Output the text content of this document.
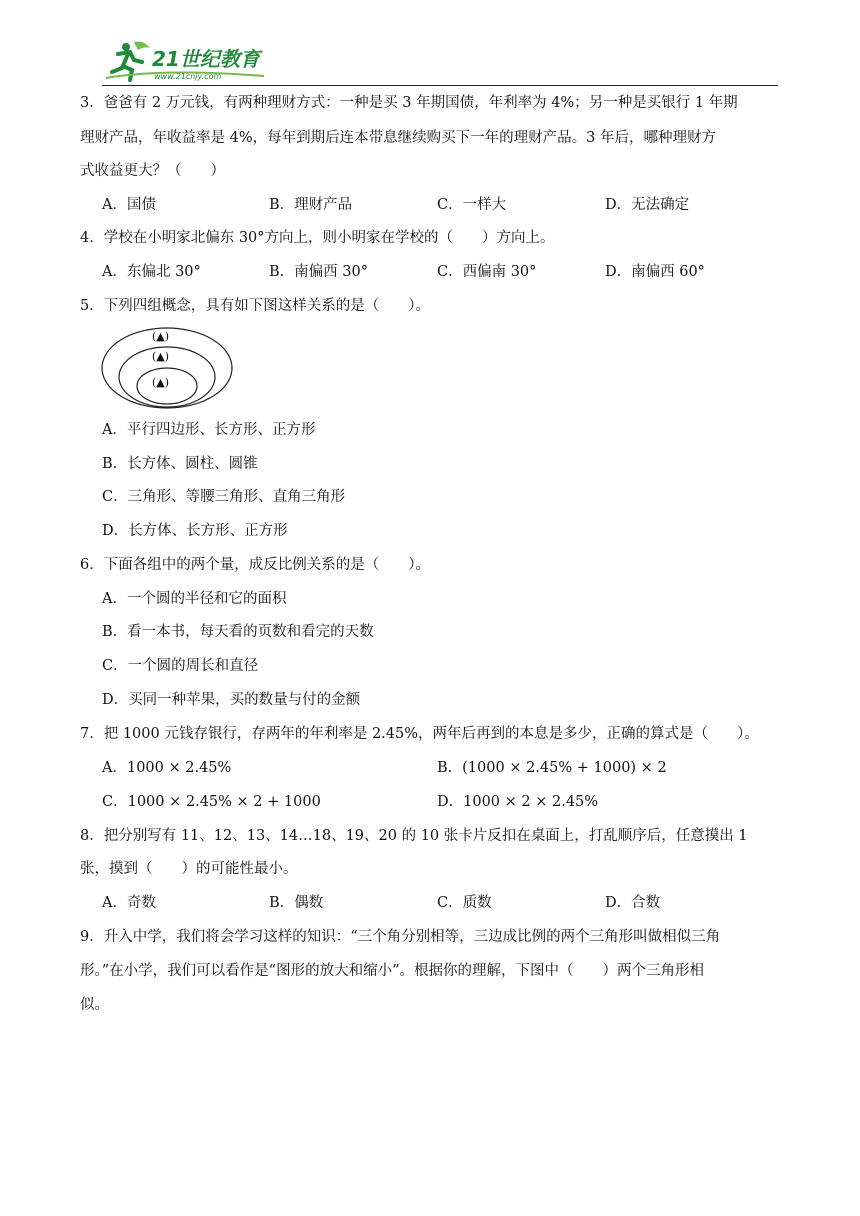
21世纪教育
www.21cnjy.com
3．爸爸有 2 万元钱，有两种理财方式：一种是买 3 年期国债，年利率为 4%；另一种是买银行 1 年期
理财产品，年收益率是 4%，每年到期后连本带息继续购买下一年的理财产品。3 年后，哪种理财方
式收益更大？（　　）
A．国债	B．理财产品	C．一样大	D．无法确定
4．学校在小明家北偏东 30°方向上，则小明家在学校的（　　）方向上。
A．东偏北 30°	B．南偏西 30°	C．西偏南 30°	D．南偏西 60°
5．下列四组概念，具有如下图这样关系的是（　　）。
(▲)
(▲)
(▲)
A．平行四边形、长方形、正方形
B．长方体、圆柱、圆锥
C．三角形、等腰三角形、直角三角形
D．长方体、长方形、正方形
6．下面各组中的两个量，成反比例关系的是（　　）。
A．一个圆的半径和它的面积
B．看一本书，每天看的页数和看完的天数
C．一个圆的周长和直径
D．买同一种苹果，买的数量与付的金额
7．把 1000 元钱存银行，存两年的年利率是 2.45%，两年后再到的本息是多少，正确的算式是（　　）。
A．1000 × 2.45%	B．(1000 × 2.45% + 1000) × 2
C．1000 × 2.45% × 2 + 1000	D．1000 × 2 × 2.45%
8．把分别写有 11、12、13、14…18、19、20 的 10 张卡片反扣在桌面上，打乱顺序后，任意摸出 1
张，摸到（　　）的可能性最小。
A．奇数	B．偶数	C．质数	D．合数
9．升入中学，我们将会学习这样的知识：“三个角分别相等，三边成比例的两个三角形叫做相似三角
形。”在小学，我们可以看作是“图形的放大和缩小”。根据你的理解，下图中（　　）两个三角形相
似。
